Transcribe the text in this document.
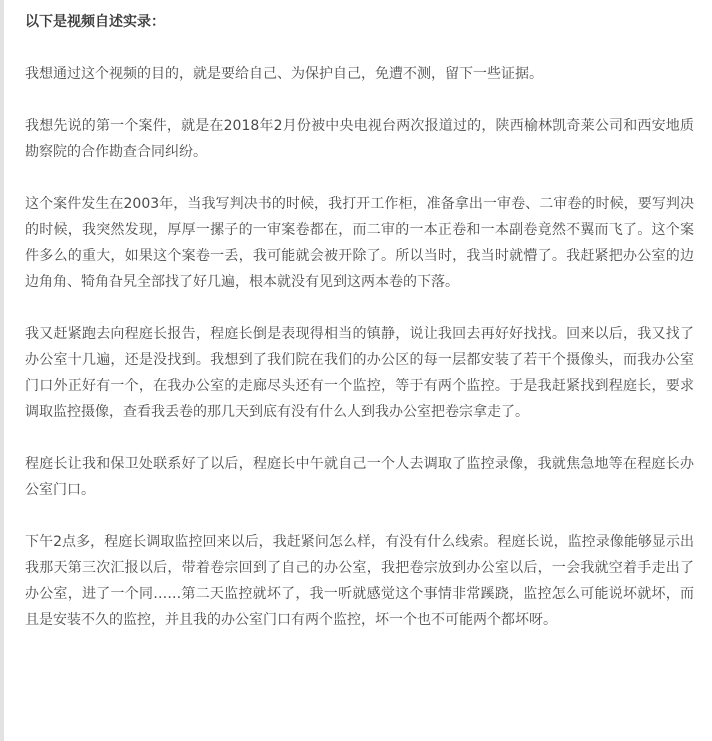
以下是视频自述实录：

我想通过这个视频的目的，就是要给自己、为保护自己，免遭不测，留下一些证据。

我想先说的第一个案件，就是在2018年2月份被中央电视台两次报道过的，陕西榆林凯奇莱公司和西安地质勘察院的合作勘查合同纠纷。

这个案件发生在2003年，当我写判决书的时候，我打开工作柜，准备拿出一审卷、二审卷的时候，要写判决的时候，我突然发现，厚厚一摞子的一审案卷都在，而二审的一本正卷和一本副卷竟然不翼而飞了。这个案件多么的重大，如果这个案卷一丢，我可能就会被开除了。所以当时，我当时就懵了。我赶紧把办公室的边边角角、犄角旮旯全部找了好几遍，根本就没有见到这两本卷的下落。

我又赶紧跑去向程庭长报告，程庭长倒是表现得相当的镇静，说让我回去再好好找找。回来以后，我又找了办公室十几遍，还是没找到。我想到了我们院在我们的办公区的每一层都安装了若干个摄像头，而我办公室门口外正好有一个，在我办公室的走廊尽头还有一个监控，等于有两个监控。于是我赶紧找到程庭长，要求调取监控摄像，查看我丢卷的那几天到底有没有什么人到我办公室把卷宗拿走了。

程庭长让我和保卫处联系好了以后，程庭长中午就自己一个人去调取了监控录像，我就焦急地等在程庭长办公室门口。

下午2点多，程庭长调取监控回来以后，我赶紧问怎么样，有没有什么线索。程庭长说，监控录像能够显示出我那天第三次汇报以后，带着卷宗回到了自己的办公室，我把卷宗放到办公室以后，一会我就空着手走出了办公室，进了一个同……第二天监控就坏了，我一听就感觉这个事情非常蹊跷，监控怎么可能说坏就坏，而且是安装不久的监控，并且我的办公室门口有两个监控，坏一个也不可能两个都坏呀。
